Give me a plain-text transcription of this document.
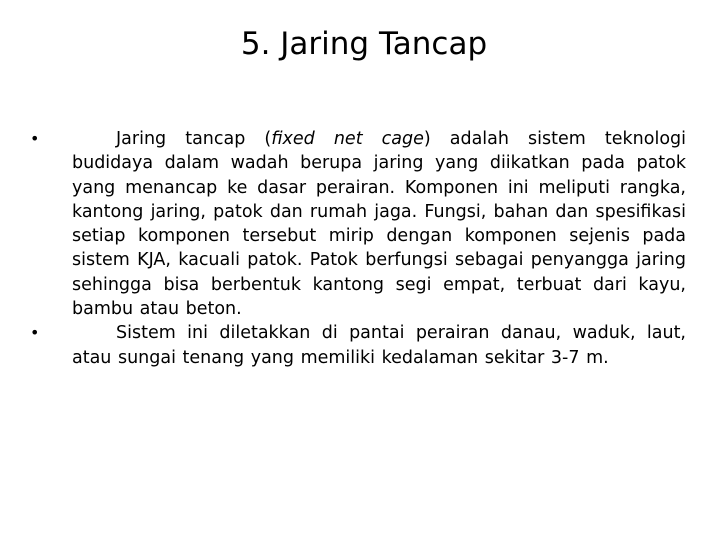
5. Jaring Tancap
•	Jaring tancap (fixed net cage) adalah sistem teknologi budidaya dalam wadah berupa jaring yang diikatkan pada patok yang menancap ke dasar perairan. Komponen ini meliputi rangka, kantong jaring, patok dan rumah jaga. Fungsi, bahan dan spesifikasi setiap komponen tersebut mirip dengan komponen sejenis pada sistem KJA, kacuali patok. Patok berfungsi sebagai penyangga jaring sehingga bisa berbentuk kantong segi empat, terbuat dari kayu, bambu atau beton.
•	Sistem ini diletakkan di pantai perairan danau, waduk, laut, atau sungai tenang yang memiliki kedalaman sekitar 3-7 m.
